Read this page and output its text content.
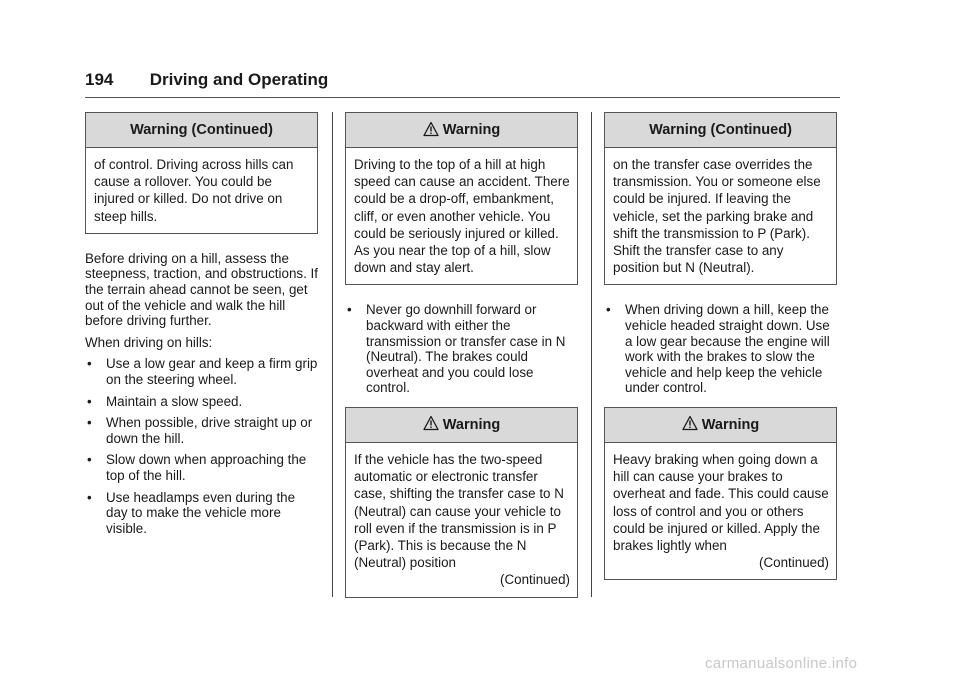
194 Driving and Operating
Warning (Continued)

of control. Driving across hills can cause a rollover. You could be injured or killed. Do not drive on steep hills.

Before driving on a hill, assess the steepness, traction, and obstructions. If the terrain ahead cannot be seen, get out of the vehicle and walk the hill before driving further.

When driving on hills:

• Use a low gear and keep a firm grip on the steering wheel.
• Maintain a slow speed.
• When possible, drive straight up or down the hill.
• Slow down when approaching the top of the hill.
• Use headlamps even during the day to make the vehicle more visible.
Warning

Driving to the top of a hill at high speed can cause an accident. There could be a drop-off, embankment, cliff, or even another vehicle. You could be seriously injured or killed. As you near the top of a hill, slow down and stay alert.

• Never go downhill forward or backward with either the transmission or transfer case in N (Neutral). The brakes could overheat and you could lose control.
Warning

If the vehicle has the two-speed automatic or electronic transfer case, shifting the transfer case to N (Neutral) can cause your vehicle to roll even if the transmission is in P (Park). This is because the N (Neutral) position

(Continued)

Warning (Continued)

on the transfer case overrides the transmission. You or someone else could be injured. If leaving the vehicle, set the parking brake and shift the transmission to P (Park). Shift the transfer case to any position but N (Neutral).

• When driving down a hill, keep the vehicle headed straight down. Use a low gear because the engine will work with the brakes to slow the vehicle and help keep the vehicle under control.
Warning

Heavy braking when going down a hill can cause your brakes to overheat and fade. This could cause loss of control and you or others could be injured or killed. Apply the brakes lightly when

(Continued)

carmanualsonline.info
